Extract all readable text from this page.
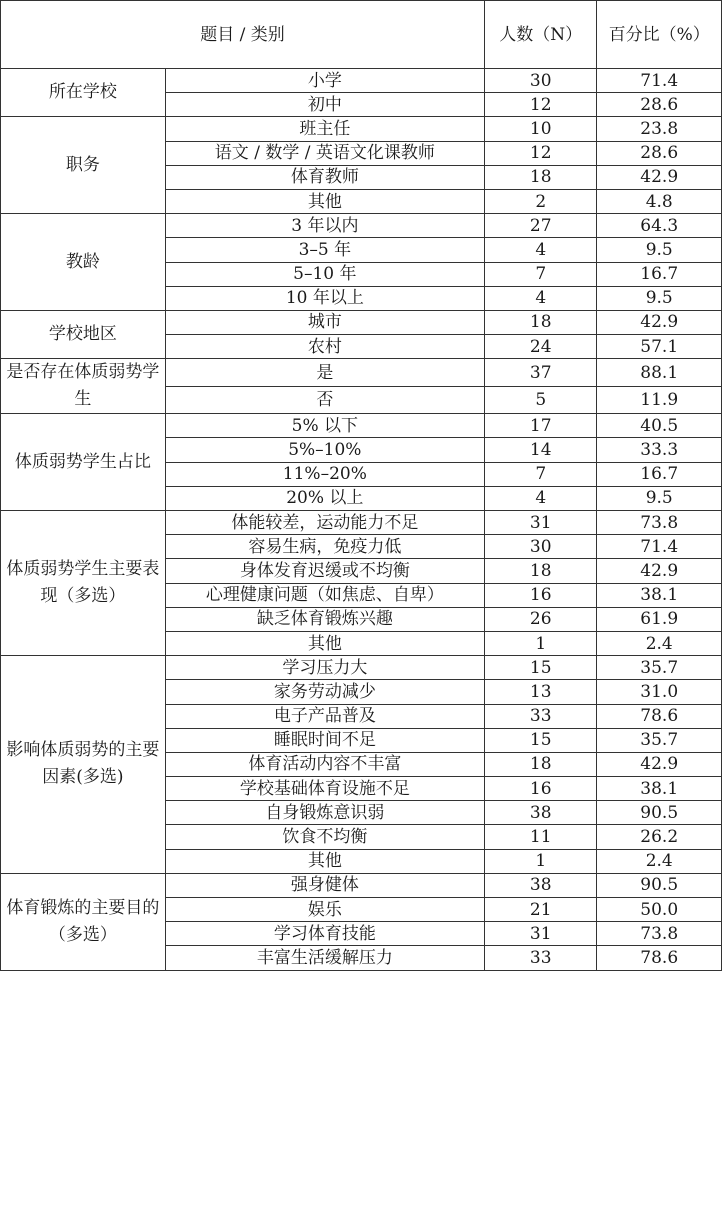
题目 / 类别		人数（N）	百分比（%）
所在学校	小学	30	71.4
	初中	12	28.6
职务	班主任	10	23.8
	语文 / 数学 / 英语文化课教师	12	28.6
	体育教师	18	42.9
	其他	2	4.8
教龄	3 年以内	27	64.3
	3–5 年	4	9.5
	5–10 年	7	16.7
	10 年以上	4	9.5
学校地区	城市	18	42.9
	农村	24	57.1
是否存在体质弱势学生	是	37	88.1
	否	5	11.9
体质弱势学生占比	5% 以下	17	40.5
	5%–10%	14	33.3
	11%–20%	7	16.7
	20% 以上	4	9.5
体质弱势学生主要表现（多选）	体能较差，运动能力不足	31	73.8
	容易生病，免疫力低	30	71.4
	身体发育迟缓或不均衡	18	42.9
	心理健康问题（如焦虑、自卑）	16	38.1
	缺乏体育锻炼兴趣	26	61.9
	其他	1	2.4
影响体质弱势的主要因素(多选)	学习压力大	15	35.7
	家务劳动减少	13	31.0
	电子产品普及	33	78.6
	睡眠时间不足	15	35.7
	体育活动内容不丰富	18	42.9
	学校基础体育设施不足	16	38.1
	自身锻炼意识弱	38	90.5
	饮食不均衡	11	26.2
	其他	1	2.4
体育锻炼的主要目的（多选）	强身健体	38	90.5
	娱乐	21	50.0
	学习体育技能	31	73.8
	丰富生活缓解压力	33	78.6
